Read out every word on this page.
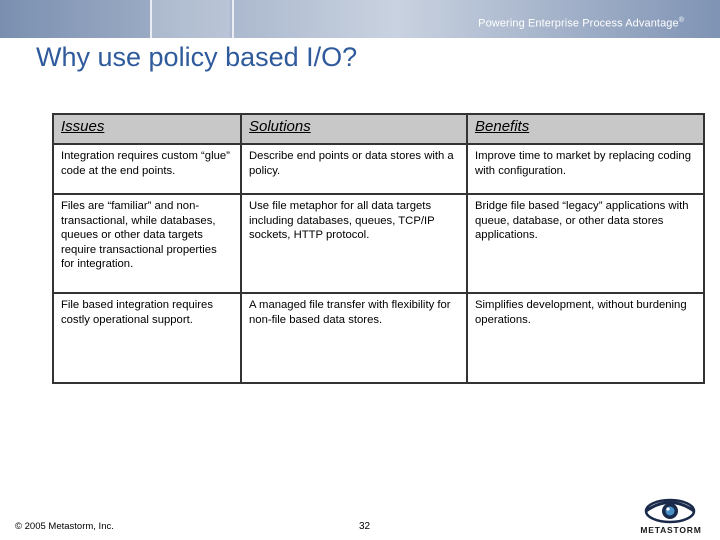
Powering Enterprise Process Advantage®
Why use policy based I/O?
Issues	Solutions	Benefits
Integration requires custom “glue” code at the end points.	Describe end points or data stores with a policy.	Improve time to market by replacing coding with configuration.
Files are “familiar” and non-transactional, while databases, queues or other data targets require transactional properties for integration.	Use file metaphor for all data targets including databases, queues, TCP/IP sockets, HTTP protocol.	Bridge file based “legacy” applications with queue, database, or other data stores applications.
File based integration requires costly operational support.	A managed file transfer with flexibility for non-file based data stores.	Simplifies development, without burdening operations.
© 2005 Metastorm, Inc.	32	METASTORM
